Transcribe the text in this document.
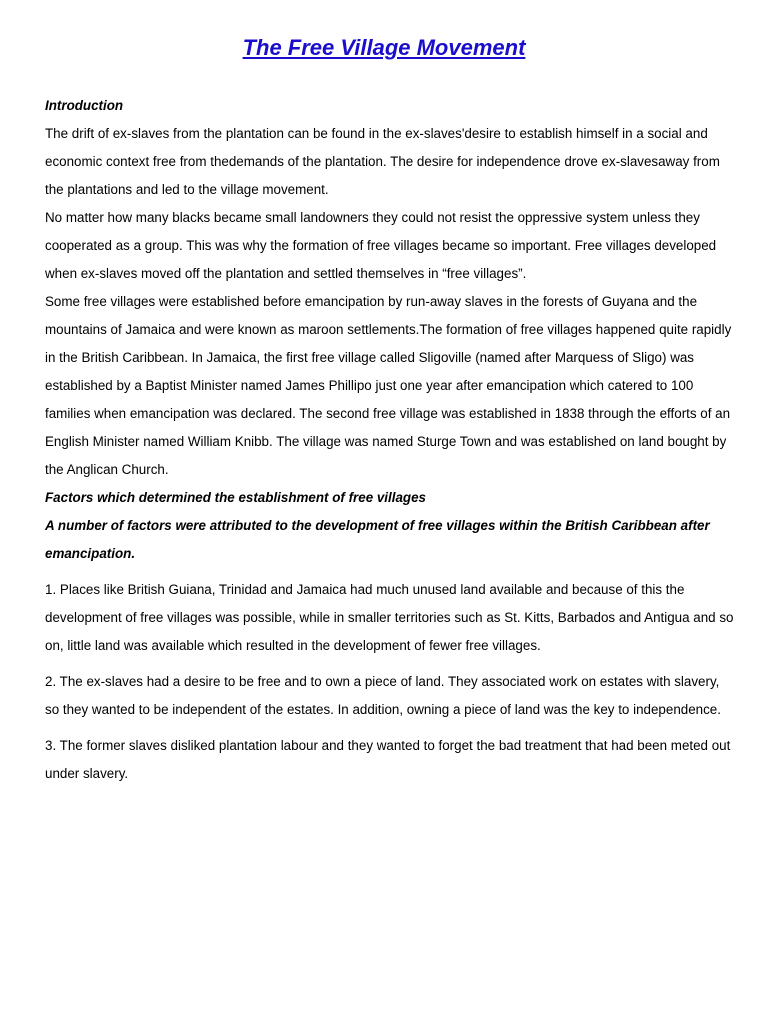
The Free Village Movement

Introduction

The drift of ex-slaves from the plantation can be found in the ex-slaves'desire to establish himself in a social and economic context free from thedemands of the plantation. The desire for independence drove ex-slavesaway from the plantations and led to the village movement.

No matter how many blacks became small landowners they could not resist the oppressive system unless they cooperated as a group. This was why the formation of free villages became so important. Free villages developed when ex-slaves moved off the plantation and settled themselves in “free villages”.

Some free villages were established before emancipation by run-away slaves in the forests of Guyana and the mountains of Jamaica and were known as maroon settlements.The formation of free villages happened quite rapidly in the British Caribbean. In Jamaica, the first free village called Sligoville (named after Marquess of Sligo) was established by a Baptist Minister named James Phillipo just one year after emancipation which catered to 100 families when emancipation was declared. The second free village was established in 1838 through the efforts of an English Minister named William Knibb. The village was named Sturge Town and was established on land bought by the Anglican Church.

Factors which determined the establishment of free villages

A number of factors were attributed to the development of free villages within the British Caribbean after emancipation.

1. Places like British Guiana, Trinidad and Jamaica had much unused land available and because of this the development of free villages was possible, while in smaller territories such as St. Kitts, Barbados and Antigua and so on, little land was available which resulted in the development of fewer free villages.

2. The ex-slaves had a desire to be free and to own a piece of land. They associated work on estates with slavery, so they wanted to be independent of the estates. In addition, owning a piece of land was the key to independence.

3. The former slaves disliked plantation labour and they wanted to forget the bad treatment that had been meted out under slavery.
